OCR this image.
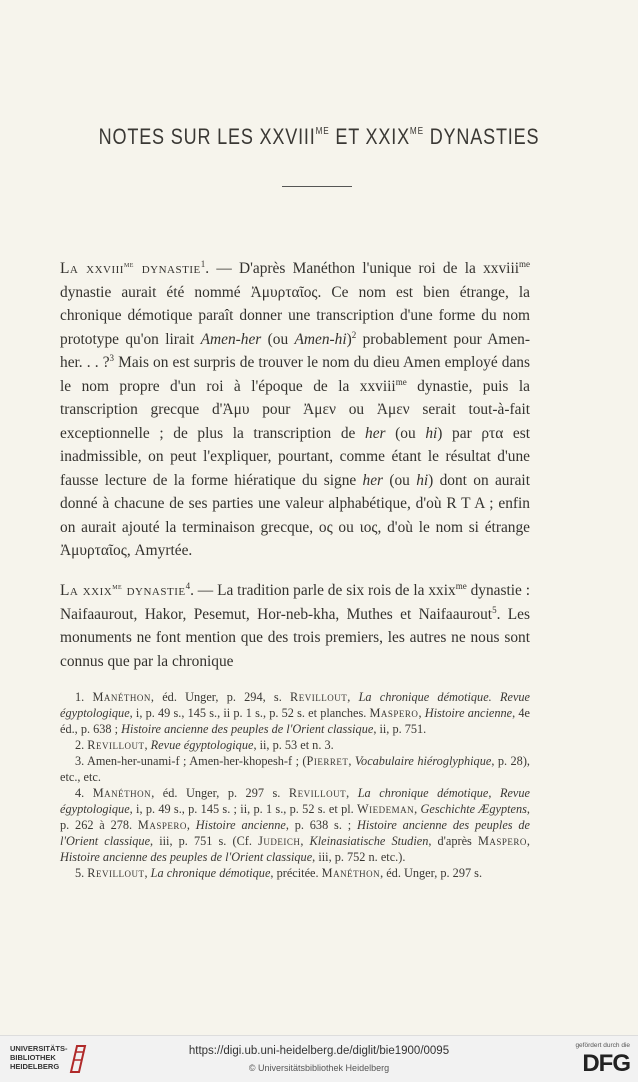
NOTES SUR LES $XXVIII^{ME}$ ET $XXIX^{ME}$ DYNASTIES

La xxviii$^{me}$ dynastie$^1$. — D'après Manéthon l'unique roi de la xxviii$^{me}$ dynastie aurait été nommé Ἀμυρταῖος. Ce nom est bien étrange, la chronique démotique paraît donner une transcription d'une forme du nom prototype qu'on lirait Amen-her (ou Amen-hi)$^2$ probablement pour Amen-her. . . ?$^3$ Mais on est surpris de trouver le nom du dieu Amen employé dans le nom propre d'un roi à l'époque de la xxviii$^{me}$ dynastie, puis la transcription grecque d'Ἀμυ pour Ἀμεν ou Ἀμεν serait tout-à-fait exceptionnelle ; de plus la transcription de her (ou hi) par ρτα est inadmissible, on peut l'expliquer, pourtant, comme étant le résultat d'une fausse lecture de la forme hiératique du signe her (ou hi) dont on aurait donné à chacune de ses parties une valeur alphabétique, d'où R T A ; enfin on aurait ajouté la terminaison grecque, ος ou ιος, d'où le nom si étrange Ἀμυρταῖος, Amyrtée.

La xxix$^{me}$ dynastie$^4$. — La tradition parle de six rois de la xxix$^{me}$ dynastie : Naifaaurout, Hakor, Pesemut, Hor-neb-kha, Muthes et Naifaaurout$^5$. Les monuments ne font mention que des trois premiers, les autres ne nous sont connus que par la chronique

1. Manéthon, éd. Unger, p. 294, s. Revillout, La chronique démotique. Revue égyptologique, i, p. 49 s., 145 s., ii p. 1 s., p. 52 s. et planches. Maspero, Histoire ancienne, 4e éd., p. 638 ; Histoire ancienne des peuples de l'Orient classique, ii, p. 751.

2. Revillout, Revue égyptologique, ii, p. 53 et n. 3.

3. Amen-her-unami-f ; Amen-her-khopesh-f ; (Pierret, Vocabulaire hiéroglyphique, p. 28), etc., etc.

4. Manéthon, éd. Unger, p. 297 s. Revillout, La chronique démotique, Revue égyptologique, i, p. 49 s., p. 145 s. ; ii, p. 1 s., p. 52 s. et pl. Wiedeman, Geschichte Ægyptens, p. 262 à 278. Maspero, Histoire ancienne, p. 638 s. ; Histoire ancienne des peuples de l'Orient classique, iii, p. 751 s. (Cf. Judeich, Kleinasiatische Studien, d'après Maspero, Histoire ancienne des peuples de l'Orient classique, iii, p. 752 n. etc.).

5. Revillout, La chronique démotique, précitée. Manéthon, éd. Unger, p. 297 s.

UNIVERSITÄTS-
BIBLIOTHEK
HEIDELBERG
https://digi.ub.uni-heidelberg.de/diglit/bie1900/0095
© Universitätsbibliothek Heidelberg
gefördert durch die
DFG
